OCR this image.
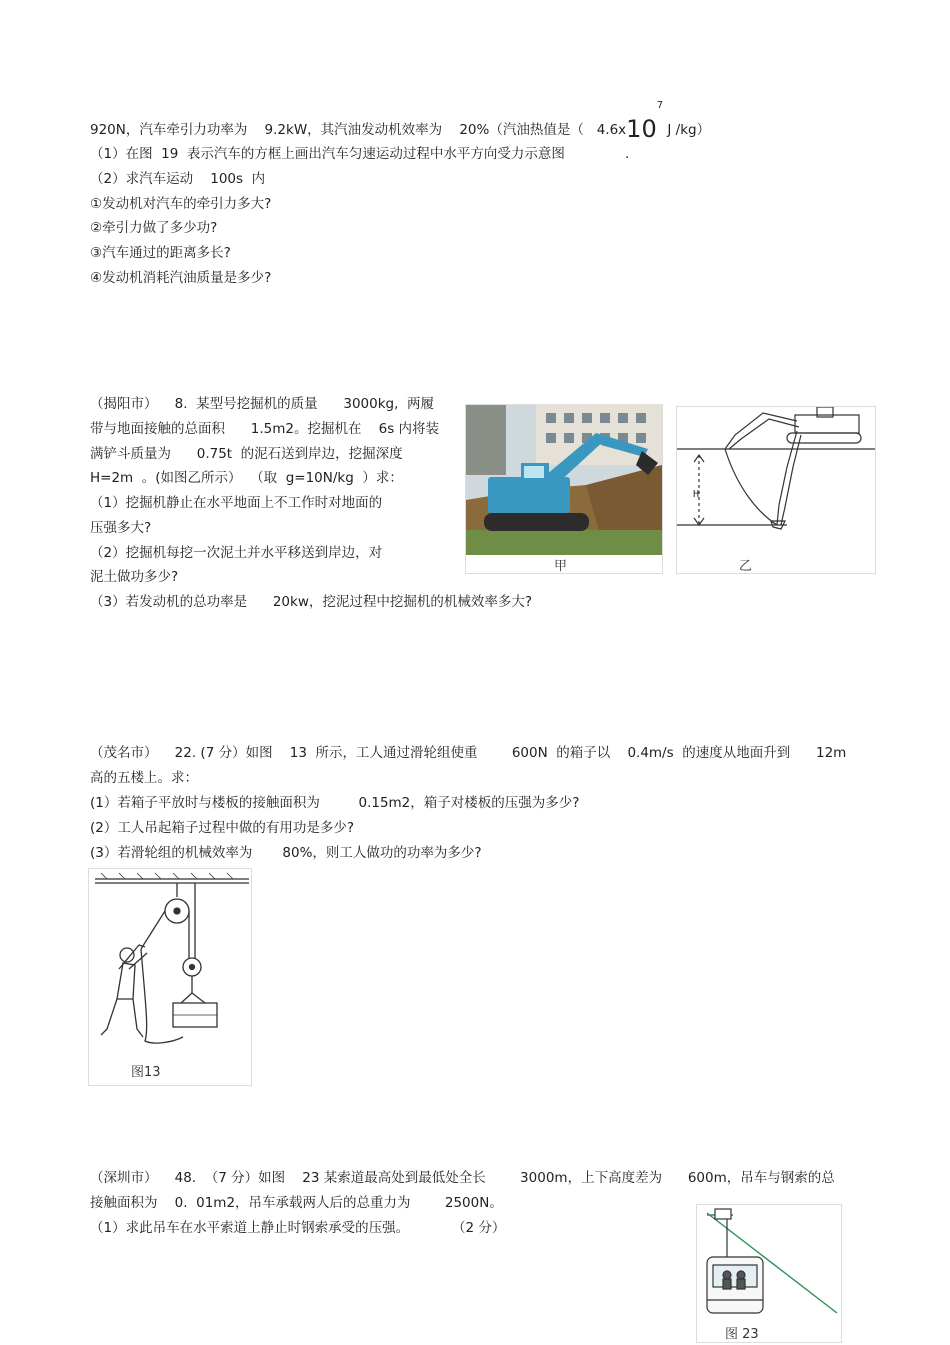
920N，汽车牵引力功率为    9.2kW，其汽油发动机效率为    20%（汽油热值是（   $4.6x10^7$ J /kg）
（1）在图  19  表示汽车的方框上画出汽车匀速运动过程中水平方向受力示意图              .
（2）求汽车运动    100s  内
①发动机对汽车的牵引力多大?
②牵引力做了多少功?
③汽车通过的距离多长?
④发动机消耗汽油质量是多少?
（揭阳市）    8.  某型号挖掘机的质量      3000kg,  两履
带与地面接触的总面积      1.5m2。挖掘机在    6s 内将装
满铲斗质量为      0.75t  的泥石送到岸边，挖掘深度
H=2m  。(如图乙所示）  （取  g=10N/kg  ）求：
（1）挖掘机静止在水平地面上不工作时对地面的
压强多大?
（2）挖掘机每挖一次泥土并水平移送到岸边，对
泥土做功多少?
（3）若发动机的总功率是      20kw，挖泥过程中挖掘机的机械效率多大?
甲
H
乙
（茂名市）    22. (7 分）如图    13  所示，工人通过滑轮组使重        600N  的箱子以    0.4m/s  的速度从地面升到      12m
高的五楼上。求：
(1）若箱子平放时与楼板的接触面积为         0.15m2，箱子对楼板的压强为多少?
(2）工人吊起箱子过程中做的有用功是多少?
(3）若滑轮组的机械效率为       80%，则工人做功的功率为多少?
图13
（深圳市）    48.  （7 分）如图    23 某索道最高处到最低处全长        3000m，上下高度差为      600m，吊车与钢索的总
接触面积为    0.  01m2，吊车承载两人后的总重力为        2500N。
（1）求此吊车在水平索道上静止时钢索承受的压强。          （2 分）
图 23
